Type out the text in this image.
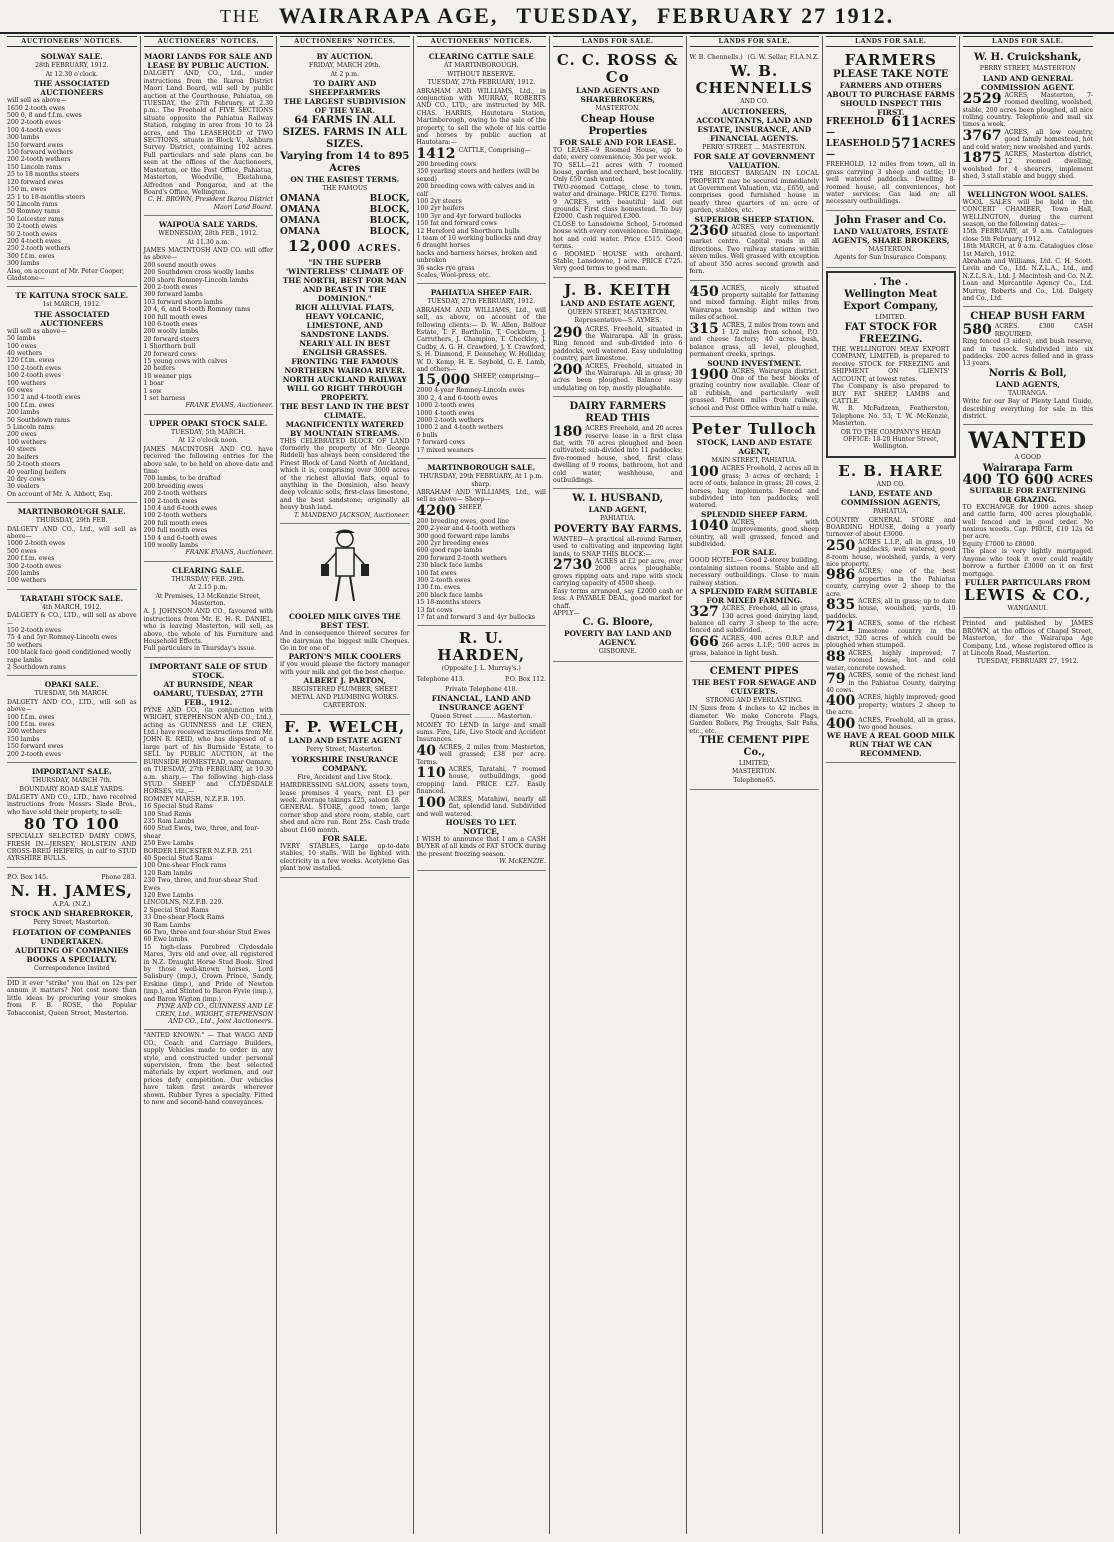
THE WAIRARAPA AGE, TUESDAY, FEBRUARY 27 1912.
AUCTIONEERS' NOTICES.
SOLWAY SALE.
28th FEBRUARY, 1912.
At 12.30 o'clock.
THE ASSOCIATED AUCTIONEERS
will sell as above—
1650 2-tooth ewes
500 6, 8 and f.f.m. ewes
200 2-tooth ewes
100 4-tooth ewes
300 lambs
150 forward ewes
150 forward wethers
200 2-tooth wethers
150 Lincoln rams
25 to 18 months steers
120 forward ewes
150 m. ewes
25 1 to 18-months steers
50 Lincoln rams
50 Romney rams
50 Leicester rams
30 2-tooth ewes
50 2-tooth ewes
200 4-tooth ewes
250 2-tooth wethers
300 f.f.m. ewes
300 lambs
Also, on account of Mr. Peter Cooper, Gladstone—
TE KAITUNA STOCK SALE.
1st MARCH, 1912.
THE ASSOCIATED AUCTIONEERS
will sell as above—
50 lambs
100 ewes
40 wethers
120 f.f.m. ewes
150 2-tooth ewes
100 2-tooth ewes
100 wethers
60 ewes
150 2 and 4-tooth ewes
100 f.f.m. ewes
200 lambs
50 Southdown rams
5 Lincoln rams
200 ewes
100 wethers
40 steers
20 heifers
50 2-tooth steers
40 yearling heifers
20 dry cows
30 vealers
On account of Mr. A. Abbott, Esq.
MARTINBOROUGH SALE.
THURSDAY, 29th FEB.
DALGETY AND CO., Ltd., will sell as above—
1000 2-tooth ewes
500 ewes
200 f.f.m. ewes
300 2-tooth ewes
200 lambs
100 wethers
TARATAHI STOCK SALE.
4th MARCH, 1912.
DALGETY & CO., LTD., will sell as above—
150 2-tooth ewes
75 4 and 5yr Romney-Lincoln ewes
50 wethers
100 black face good conditioned woolly rape lambs
2 Southdown rams
OPAKI SALE.
TUESDAY, 5th MARCH.
DALGETY AND CO., LTD., will sell as above—
100 f.f.m. ewes
100 f.f.m. ewes
200 wethers
150 lambs
150 forward ewes
200 2-tooth ewes
IMPORTANT SALE.
THURSDAY, MARCH 7th.
BOUNDARY ROAD SALE YARDS.
DALGETY AND CO., LTD., have received instructions from Messrs Slade Bros., who have sold their property, to sell:
80 TO 100
SPECIALLY SELECTED DAIRY COWS, FRESH IN—JERSEY, HOLSTEIN AND CROSS-BRED HEIFERS, in calf to STUD AYRSHIRE BULLS.
P.O. Box 145.	Phone 283.
N. H. JAMES,
A.P.A. (N.Z.)
STOCK AND SHAREBROKER,
Perry Street, Masterton.
FLOTATION OF COMPANIES UNDERTAKEN.
AUDITING OF COMPANIES BOOKS A SPECIALTY.
Correspondence Invited
DID it ever "strike" you that on 12s per annum it matters? Not cost more than little ideas by procuring your smokes from F. B. ROSE, the Popular Tobacconist, Queen Street, Masterton.
AUCTIONEERS' NOTICES.
MAORI LANDS FOR SALE AND LEASE BY PUBLIC AUCTION.
DALGETY AND CO., Ltd., under instructions from the Ikaroa District Maori Land Board, will sell by public auction at the Courthouse, Pahiatua, on TUESDAY, the 27th February, at 2.30 p.m.: The Freehold of FIVE SECTIONS situate opposite the Pahiatua Railway Station, ranging in area from 10 to 24 acres, and The LEASEHOLD of TWO SECTIONS, situate in Block V., Ashburn Survey District, containing 102 acres. Full particulars and sale plans can be seen at the offices of the Auctioneers, Masterton, or the Post Office, Pahiatua, Masterton, Woodville, Eketahuna, Alfredton and Pongaroa, and at the Board's Office, Wellington.
C. H. BROWN, President Ikaroa District Maori Land Board.
WAIPOUA SALE YARDS.
WEDNESDAY, 28th FEB., 1912.
At 11.30 a.m.
JAMES MACINTOSH AND CO. will offer as above—
200 sound mouth ewes
200 Southdown cross woolly lambs
200 shorn Romney-Lincoln lambs
200 2-tooth ewes
300 forward lambs
103 forward shorn lambs
20 4, 6, and 8-tooth Romney rams
100 full mouth ewes
100 6-tooth ewes
200 woolly lambs
20 forward steers
1 Shorthorn bull
20 forward cows
15 young cows with calves
20 heifers
10 weaner pigs
1 boar
1 sow
1 set harness
FRANK EVANS, Auctioneer.
UPPER OPAKI STOCK SALE.
TUESDAY, 5th MARCH.
At 12 o'clock noon.
JAMES MACINTOSH AND CO. have received the following entries for the above sale, to be held on above date and time:
700 lambs, to be drafted
200 breeding ewes
200 2-tooth wethers
100 2-tooth ewes
150 4 and 6-tooth ewes
100 2-tooth wethers
200 full mouth ewes
200 full mouth ewes
150 4 and 6-tooth ewes
100 woolly lambs
FRANK EVANS, Auctioneer.
CLEARING SALE.
THURSDAY, FEB. 29th.
At 2.15 p.m.
At Premises, 13 McKenzie Street, Masterton.
A. J. JOHNSON AND CO., favoured with instructions from Mr. E. H. R. DANIEL, who is leaving Masterton, will sell, as above, the whole of his Furniture and Household Effects.
Full particulars in Thursday's issue.
IMPORTANT SALE OF STUD STOCK.
AT BURNSIDE, NEAR OAMARU, TUESDAY, 27TH FEB., 1912.
PYNE AND CO., (in conjunction with WRIGHT, STEPHENSON AND CO., Ltd.), acting as GUINNESS and LE CREN, Ltd.) have received instructions from Mr. JOHN R. REID, who has disposed of a large part of his Burnside Estate, to SELL by PUBLIC AUCTION, at the BURNSIDE HOMESTEAD, near Oamaru, on TUESDAY, 27th FEBRUARY, at 10.30 a.m. sharp,— The following high-class STUD SHEEP and CLYDESDALE HORSES, viz.,—
ROMNEY MARSH, N.Z.F.B. 195.
16 Special Stud Rams
100 Stud Rams
235 Ram Lambs
600 Stud Ewes, two, three, and four-shear
250 Ewe Lambs
BORDER LEICESTER N.Z.F.B. 251
40 Special Stud Rams
100 One-shear Flock rams
120 Ram lambs
230 Two, three, and four-shear Stud Ewes
120 Ewe Lambs
LINCOLNS, N.Z.F.B. 229.
2 Special Stud Rams
33 One-shear Flock Rams
30 Ram Lambs
66 Two, three and four-shear Stud Ewes
60 Ewe lambs
15 high-class Purebred Clydesdale Mares, 3yrs old and over, all registered in N.Z. Draught Horse Stud Book. Sired by those well-known horses, Lord Salisbury (imp.), Crown Prince, Sandy, Erskine (imp.), and Pride of Newton (imp.), and Stinted to Baron Fyvie (imp.), and Baron Wigton (imp.)
PYNE AND CO., GUINNESS AND LE CREN, Ltd., WRIGHT, STEPHENSON AND CO., Ltd., Joint Auctioneers.
"ANTED KNOWN." — That WAGG AND CO., Coach and Carriage Builders, supply Vehicles made to order in any style, and constructed under personal supervision, from the best selected materials by expert workmen, and our prices defy competition. Our vehicles have taken first awards wherever shown. Rubber Tyres a specialty. Fitted to new and second-hand conveyances.
AUCTIONEERS' NOTICES.
BY AUCTION.
FRIDAY, MARCH 29th.
At 2 p.m.
TO DAIRY AND SHEEPFARMERS
THE LARGEST SUBDIVISION OF THE YEAR.
64 FARMS IN ALL SIZES. FARMS IN ALL SIZES.
Varying from 14 to 895 Acres
ON THE EASIEST TERMS.
THE FAMOUS
OMANA	BLOCK,
OMANA	BLOCK,
OMANA	BLOCK,
OMANA	BLOCK,
12,000 ACRES.
"IN THE SUPERB 'WINTERLESS' CLIMATE OF THE NORTH, BEST FOR MAN AND BEAST IN THE DOMINION."
RICH ALLUVIAL FLATS, HEAVY VOLCANIC, LIMESTONE, AND SANDSTONE LANDS.
NEARLY ALL IN BEST ENGLISH GRASSES.
FRONTING THE FAMOUS NORTHERN WAIROA RIVER.
NORTH AUCKLAND RAILWAY WILL GO RIGHT THROUGH PROPERTY.
THE BEST LAND IN THE BEST CLIMATE.
MAGNIFICENTLY WATERED BY MOUNTAIN STREAMS.
THIS CELEBRATED BLOCK OF LAND (formerly the property of Mr. George Riddell) has always been considered the Finest Block of Land North of Auckland, which it is, comprising over 3000 acres of the richest alluvial flats, equal to anything in the Dominion, also heavy deep volcanic soils, first-class limestone, and the best sandstone; originally all heavy bush land.
T. MANDENO JACKSON, Auctioneer.
COOLED MILK GIVES THE BEST TEST.
And in consequence thereof secures for the dairyman the biggest milk Cheques. Go in for one of
PARTON'S MILK COOLERS
if you would please the factory manager with your milk and get the best cheque.
ALBERT J. PARTON,
REGISTERED PLUMBER, SHEET METAL AND PLUMBING WORKS.
CARTERTON.
F. P. WELCH,
LAND AND ESTATE AGENT
Perry Street, Masterton.
YORKSHIRE INSURANCE COMPANY.
Fire, Accident and Live Stock.
HAIRDRESSING SALOON, assets town, lease premises 4 years, rent £3 per week. Average takings £25, saloon £8.
GENERAL STORE, good town, large corner shop and store room, stable, cart shed and acre run. Rent 25s. Cash trade about £160 month.
FOR SALE.
IVERY STABLES, Large up-to-date stables, 10 stalls. Will be lighted with electricity in a few weeks. Acetylene Gas plant now installed.
AUCTIONEERS' NOTICES.
CLEARING CATTLE SALE
AT MARTINBOROUGH.
WITHOUT RESERVE.
TUESDAY, 27th FEBRUARY, 1912.
ABRAHAM AND WILLIAMS, Ltd., in conjunction with MURRAY, ROBERTS AND CO., LTD., are instructed by MR. CHAS. HARRIS, Hautotara Station, Martinborough, owing to the sale of the property, to sell the whole of his cattle and horses by public auction at Hautotara:—
1412 CATTLE, Comprising—
200 breeding cows
350 yearling steers and heifers (will be sexed)
200 breeding cows with calves and in calf
100 2yr steers
100 2yr heifers
100 3yr and 4yr forward bullocks
150 fat and forward cows
12 Hereford and Shorthorn bulls
1 team of 10 working bullocks and dray
6 draught horses
hacks and harness horses, broken and unbroken
36 sacks rye grass
Scales, Wool-press, etc.
PAHIATUA SHEEP FAIR.
TUESDAY, 27th FEBRUARY, 1912.
ABRAHAM AND WILLIAMS, Ltd., will sell, as above, on account of the following clients:— D. W. Allen, Balfour Estate, T. F. Bartholin, T. Cockburn, J. Carruthers, J. Champion, T. Checkley, J. Cudby, A. G. H. Crawford, J. Y. Crawford, S. H. Diamond, F. Dennehey, W. Holliday, W. D. Kemp, H. E. Seybold, G. E. Lamb, and others—
15,000 SHEEP, comprising—
2000 4-year Romney-Lincoln ewes
300 2, 4 and 6-tooth ewes
1000 2-tooth ewes
1000 4-tooth ewes
2000 2-tooth wethers
1000 2 and 4-tooth wethers
6 bulls
7 forward cows
17 mixed weaners
MARTINBOROUGH SALE.
THURSDAY, 29th FEBRUARY, At 1 p.m. sharp.
ABRAHAM AND WILLIAMS, Ltd., will sell as above— Sheep—
4200 SHEEP.
200 breeding ewes, good line
200 2-year and 4-tooth wethers
300 good forward rape lambs
200 2yr breeding ewes
600 good rape lambs
200 forward 2-tooth wethers
230 black face lambs
100 fat ewes
300 2-tooth ewes
130 f.m. ewes
200 black face lambs
15 18-months steers
13 fat cows
17 fat and forward 3 and 4yr bullocks
R. U. HARDEN,
(Opposite J. L. Murray's.)
Telephone 413.	P.O. Box 112.
Private Telephone 418.
FINANCIAL, LAND AND INSURANCE AGENT
Queen Street ........... Masterton.
MONEY TO LEND in large and small sums. Fire, Life, Live Stock and Accident Insurances.
40 ACRES, 2 miles from Masterton, well grassed; £38 per acre. Terms.
110 ACRES, Taratahi, 7 roomed house, outbuildings, good cropping land. PRICE £27. Easily financed.
100 ACRES, Matahiwi, nearly all flat, splendid land. Subdivided and well watered.
HOUSES TO LET.
NOTICE,
I WISH to announce that I am a CASH BUYER of all kinds of FAT STOCK during the present freezing season.
W. McKENZIE.
LANDS FOR SALE.
C. C. ROSS & Co
LAND AGENTS AND SHAREBROKERS,
MASTERTON.
Cheap House Properties
FOR SALE AND FOR LEASE.
TO LEASE—9 Roomed House, up to date, every convenience; 30s per week.
TO SELL—21 acres with 7 roomed house, garden and orchard, best locality. Only £50 cash wanted.
TWO-roomed Cottage, close to town, water and drainage. PRICE £270. Terms.
9 ACRES, with beautiful laid out grounds. First class homestead. To buy £2000. Cash required £300.
CLOSE to Lansdowne School, 5-roomed house with every convenience. Drainage, hot and cold water. Price £515. Good terms.
6 ROOMED HOUSE with orchard. Stable, Lansdowne, 1 acre. PRICE £725. Very good terms to good man.
J. B. KEITH
LAND AND ESTATE AGENT,
QUEEN STREET, MASTERTON.
Representative—S. AYMES.
290 ACRES, Freehold, situated in the Wairarapa. All in grass. Ring fenced and sub-divided into 6 paddocks, well watered. Easy undulating country, part limestone.
200 ACRES, Freehold, situated in the Wairarapa. All in grass; 30 acres been ploughed. Balance easy undulating on top, mostly ploughable.
DAIRY FARMERS
READ THIS
180 ACRES Freehold, and 20 acres reserve lease in a first class flat, with 70 acres ploughed and been cultivated; sub-divided into 11 paddocks; five-roomed house, shed, first class dwelling of 9 rooms, bathroom, hot and cold water, washhouse, and outbuildings.
W. I. HUSBAND,
LAND AGENT,
PAHIATUA.
POVERTY BAY FARMS.
WANTED—A practical all-round Farmer, used to cultivating and improving light lands, to SNAP THIS BLOCK:—
2730 ACRES at £2 per acre, over 2000 acres ploughable, grows ripping oats and rape with stock carrying capacity of 4500 sheep.
Easy terms arranged, say £2000 cash or less. A PAYABLE DEAL, good market for chaff.
APPLY—
C. G. Bloore,
POVERTY BAY LAND AND AGENCY.
GISBORNE.
LANDS FOR SALE.
W. B. Chennells.) (G. W. Sellar, F.I.A.N.Z.
W. B. CHENNELLS
AND CO.
AUCTIONEERS, ACCOUNTANTS, LAND AND ESTATE, INSURANCE, AND FINANCIAL AGENTS.
PERRY STREET ... MASTERTON.
FOR SALE AT GOVERNMENT VALUATION.
THE BIGGEST BARGAIN IN LOCAL PROPERTY may be secured immediately at Government Valuation, viz., £650, and comprises good furnished house in nearly three quarters of an acre of garden, stables, etc.
SUPERIOR SHEEP STATION.
2360 ACRES, very conveniently situated close to important market centre. Capital roads in all directions. Two railway stations within seven miles. Well grassed with exception of about 350 acres second growth and fern.
450 ACRES, nicely situated property suitable for fattening and mixed farming. Eight miles from Wairarapa township and within two miles of school.
315 ACRES, 2 miles from town and 1 1/2 miles from school, P.O. and cheese factory; 40 acres bush, balance grass, all level, ploughed, permanent creeks, springs.
SOUND INVESTMENT.
1900 ACRES, Wairarapa district. One of the best blocks of grazing country now available. Clear of all rubbish, and particularly well grassed. Fifteen miles from railway, school and Post Office within half a mile.
Peter Tulloch
STOCK, LAND AND ESTATE AGENT,
MAIN STREET, PAHIATUA.
100 ACRES Freehold, 2 acres all in grass; 3 acres of orchard; 1 acre of oats, balance in grass; 20 cows, 2 horses, hay, implements. Fenced and subdivided into ten paddocks; well watered.
SPLENDID SHEEP FARM.
1040 ACRES, with improvements, good sheep country, all well grassed, fenced and subdivided.
FOR SALE.
GOOD HOTEL.— Good 2-storey building, containing sixteen rooms. Stable and all necessary outbuildings. Close to main railway station.
A SPLENDID FARM SUITABLE FOR MIXED FARMING.
327 ACRES, Freehold, all in grass, 130 acres good dairying land, balance all carry 3 sheep to the acre; fenced and subdivided.
666 ACRES, 400 acres O.R.P. and 266 acres L.I.P.; 500 acres in grass, balance in light bush.
CEMENT PIPES
THE BEST FOR SEWAGE AND CULVERTS.
STRONG AND EVERLASTING.
IN Sizes from 4 inches to 42 inches in diameter. We make Concrete Flags, Garden Rollers, Pig Troughs, Salt Pans, etc., etc.
THE CEMENT PIPE Co.,
LIMITED,
MASTERTON.
Telephone65.
LANDS FOR SALE.
FARMERS
PLEASE TAKE NOTE
FARMERS AND OTHERS ABOUT TO PURCHASE FARMS SHOULD INSPECT THIS FIRST.
FREEHOLD—
611 ACRES
LEASEHOLD—
571 ACRES
FREEHOLD, 12 miles from town, all in grass carrying 3 sheep and cattle; 10 well watered paddocks. Dwelling 8-roomed house, all conveniences, hot water services; Gas laid on; all necessary outbuildings.
John Fraser and Co.
LAND VALUATORS, ESTATE AGENTS, SHARE BROKERS,
MASTERTON.
Agents for Sun Insurance Company.
. The .
Wellington Meat Export Company,
LIMITED.
FAT STOCK FOR FREEZING.
THE WELLINGTON MEAT EXPORT COMPANY, LIMITED, is prepared to receive STOCK for FREEZING and SHIPMENT ON CLIENTS' ACCOUNT, at lowest rates.
The Company is also prepared to BUY FAT SHEEP, LAMBS and CATTLE.
W. B. McFadzean, Featherston, Telephone No. 53; T. W. McKenzie, Masterton.
OR TO THE COMPANY'S HEAD OFFICE: 18-20 Hunter Street, Wellington.
E. B. HARE
AND CO.
LAND, ESTATE AND COMMISSION AGENTS,
PAHIATUA.
COUNTRY GENERAL STORE and BOARDING HOUSE, doing a yearly turnover of about £3000.
250 ACRES L.I.P., all in grass, 10 paddocks, well watered, good 8-room house, woolshed, yards, a very nice property.
986 ACRES, one of the best properties in the Pahiatua county, carrying over 2 sheep to the acre.
835 ACRES, all in grass; up to date house, woolshed, yards, 10 paddocks.
721 ACRES, some of the richest limestone country in the district, 520 acres of which could be ploughed when stumped.
88 ACRES, highly improved; 7 roomed house, hot and cold water, concrete cowshed.
79 ACRES, some of the richest land in the Pahiatua County, dairying 40 cows.
400 ACRES, highly improved; good property; winters 2 sheep to the acre.
400 ACRES, Freehold, all in grass, two good houses.
WE HAVE A REAL GOOD MILK RUN THAT WE CAN RECOMMEND.
LANDS FOR SALE.
W. H. Cruickshank,
PERRY STREET, MASTERTON
LAND AND GENERAL COMMISSION AGENT.
2529 ACRES, Masterton, 7-roomed dwelling, woolshed, stable, 200 acres been ploughed, all nice rolling country. Telephone and mail six times a week.
3767 ACRES, all low country, good family homestead, hot and cold water; new woolshed and yards.
1875 ACRES, Masterton district, 12 roomed dwelling, woolshed for 4 shearers, implement shed, 3 stall stable and buggy shed.
WELLINGTON WOOL SALES.
WOOL SALES will be held in the CONCERT CHAMBER, Town Hall, WELLINGTON, during the current season, on the following dates:—
15th FEBRUARY, at 9 a.m. Catalogues close 5th February, 1912.
18th MARCH, at 9 a.m. Catalogues close 1st March, 1912.
Abraham and Williams, Ltd. C. H. Scott. Levin and Co., Ltd. N.Z.L.A., Ltd., and N.Z.L.S.A., Ltd. J. Macintosh and Co. N.Z. Loan and Mercantile Agency Co., Ltd. Murray, Roberts and Co., Ltd. Dalgety and Co., Ltd.
CHEAP BUSH FARM
580 ACRES. £300 CASH REQUIRED.
Ring fenced (3 sides), and bush reserve, and in tussock. Subdivided into six paddocks. 200 acres felled and in grass 13 years.
Norris & Boll,
LAND AGENTS,
TAURANGA.
Write for our Bay of Plenty Land Guide, describing everything for sale in this district.
WANTED
A GOOD
Wairarapa Farm
400 TO 600 ACRES
SUITABLE FOR FATTENING OR GRAZING.
TO EXCHANGE for 1900 acres sheep and cattle farm, 400 acres ploughable, well fenced and in good order. No noxious weeds. Cap. PRICE, £10 12s 6d per acre.
Equity £7000 to £8000.
The place is very lightly mortgaged. Anyone who took it over could readily borrow a further £3000 on it on first mortgage.
FULLER PARTICULARS FROM
LEWIS & CO.,
WANGANUI.
Printed and published by JAMES BROWN, at the offices of Chapel Street, Masterton, for the Wairarapa Age Company, Ltd., whose registered office is at Lincoln Road, Masterton.
TUESDAY, FEBRUARY 27, 1912.
